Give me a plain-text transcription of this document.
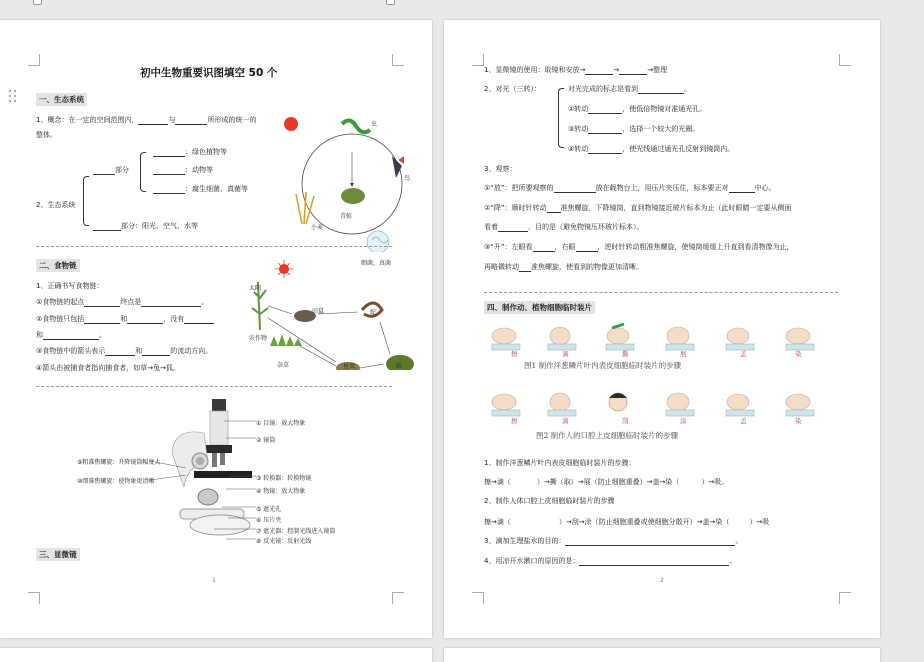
初中生物重要识图填空 50 个
一、生态系统
1、概念：在一定的空间范围内，	与	所形成的统一的
整体。
2、生态系统
部分
：绿色植物等
：动物等
：腐生细菌、真菌等
部分：阳光、空气、水等
虫
鸟
青蛙
小麦
细菌、真菌
二、食物链
1、正确书写食物链：
①食物链的起点	终点是	。
②食物链只包括	和	，没有
和	。
③食物链中的箭头表示	和	的流动方向。
④箭头由被捕食者指向捕食者，如草→兔→狐。
太阳
田鼠	蛇
农作物
杂草	昆虫	蛙
① 目镜：放大物象
② 镜筒
③ 转换器：转换物镜
④ 物镜：放大物象
⑤ 遮光孔
⑥ 压片夹
⑦ 遮光器：控制光线进入镜筒
⑧ 反光镜：反射光线
⑨粗准焦螺旋：升降镜筒幅度大
⑩细准焦螺旋：使物象更清晰
三、显微镜
1
1、显微镜的使用：取镜和安放→	→	→整理
2、对光（三转）：	对光完成的标志是看到	。
②转动	，使低倍物镜对准通光孔。
③转动	，选择一个较大的光圈。
④转动	，使光线通过通光孔反射到镜筒内。
3、观察：
①“放”：把所要观察的	放在载物台上，用压片夹压住，标本要正对	中心。
②“降”：顺时针转动 准焦螺旋，下降镜筒，直到物镜接近玻片标本为止（此时眼睛一定要从侧面
看着	，目的是（避免物镜压坏玻片标本）。
③“升”：左眼看	，右眼	，逆时针转动粗准焦螺旋，使镜筒缓缓上升直到看清物像为止，
再略微转动 准焦螺旋，使看到的物像更加清晰。
四、制作动、植物细胞临时装片
擦	滴	撕	展	盖	染
图1 制作洋葱鳞片叶内表皮细胞临时装片的步骤
擦	滴	刮	涂	盖	染
图2 制作人的口腔上皮细胞临时装片的步骤
1、制作洋葱鳞片叶内表皮细胞临时装片的步骤：
擦→滴（	）→撕（取）→展（防止细胞重叠）→盖→染（	）→吸。
2、制作人体口腔上皮细胞临时装片的步骤
擦→滴（	）→刮→涂（防止细胞重叠或使细胞分散开）→盖→染（	）→吸
3、滴加生理盐水的目的：	。
4、用凉开水漱口的原因的是：	。
2
